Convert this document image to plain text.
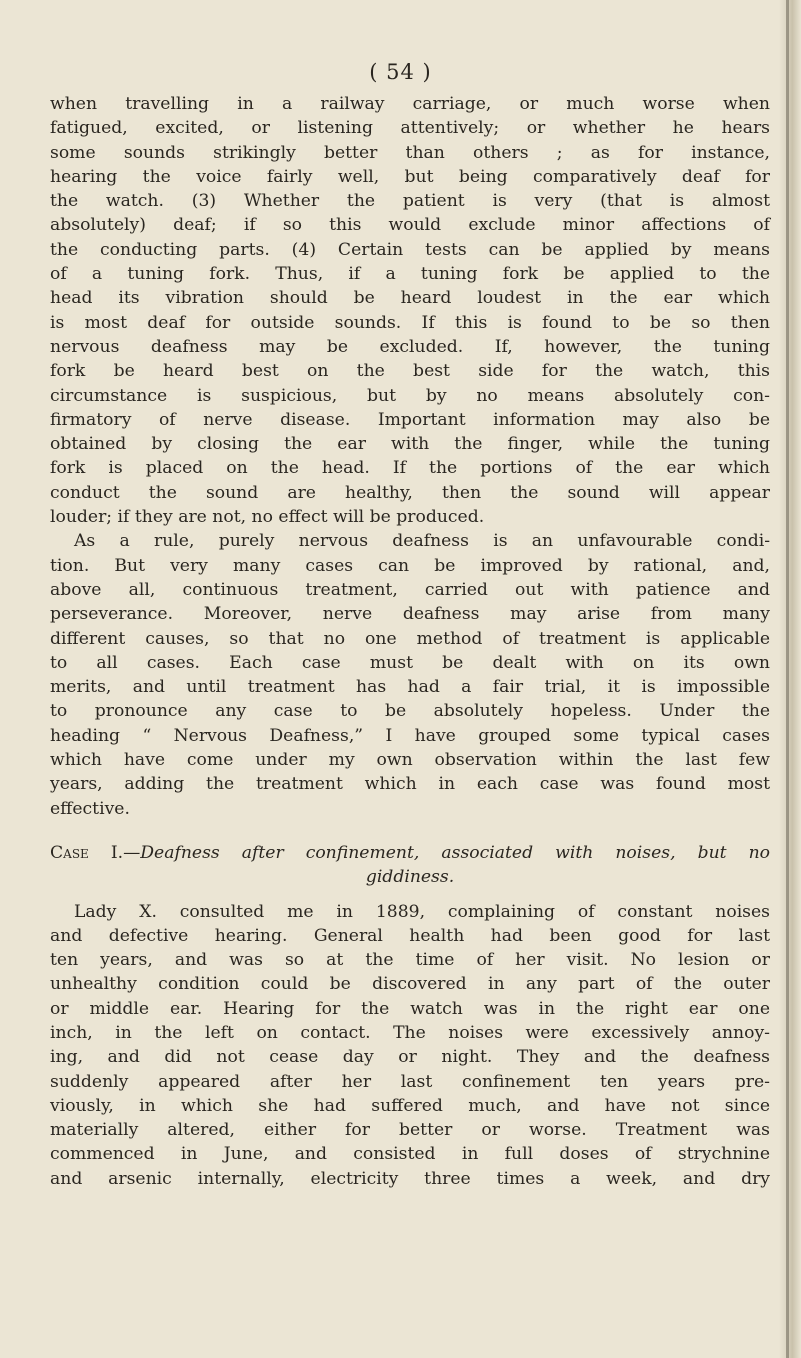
( 54 )
when travelling in a railway carriage, or much worse when
fatigued, excited, or listening attentively; or whether he hears
some sounds strikingly better than others ; as for instance,
hearing the voice fairly well, but being comparatively deaf for
the watch. (3) Whether the patient is very (that is almost
absolutely) deaf; if so this would exclude minor affections of
the conducting parts. (4) Certain tests can be applied by means
of a tuning fork. Thus, if a tuning fork be applied to the
head its vibration should be heard loudest in the ear which
is most deaf for outside sounds. If this is found to be so then
nervous deafness may be excluded. If, however, the tuning
fork be heard best on the best side for the watch, this
circumstance is suspicious, but by no means absolutely con-
firmatory of nerve disease. Important information may also be
obtained by closing the ear with the finger, while the tuning
fork is placed on the head. If the portions of the ear which
conduct the sound are healthy, then the sound will appear
louder; if they are not, no effect will be produced.
As a rule, purely nervous deafness is an unfavourable condi-
tion. But very many cases can be improved by rational, and,
above all, continuous treatment, carried out with patience and
perseverance. Moreover, nerve deafness may arise from many
different causes, so that no one method of treatment is applicable
to all cases. Each case must be dealt with on its own
merits, and until treatment has had a fair trial, it is impossible
to pronounce any case to be absolutely hopeless. Under the
heading “ Nervous Deafness,” I have grouped some typical cases
which have come under my own observation within the last few
years, adding the treatment which in each case was found most
effective.
Case I.—Deafness after confinement, associated with noises, but no
giddiness.
Lady X. consulted me in 1889, complaining of constant noises
and defective hearing. General health had been good for last
ten years, and was so at the time of her visit. No lesion or
unhealthy condition could be discovered in any part of the outer
or middle ear. Hearing for the watch was in the right ear one
inch, in the left on contact. The noises were excessively annoy-
ing, and did not cease day or night. They and the deafness
suddenly appeared after her last confinement ten years pre-
viously, in which she had suffered much, and have not since
materially altered, either for better or worse. Treatment was
commenced in June, and consisted in full doses of strychnine
and arsenic internally, electricity three times a week, and dry
